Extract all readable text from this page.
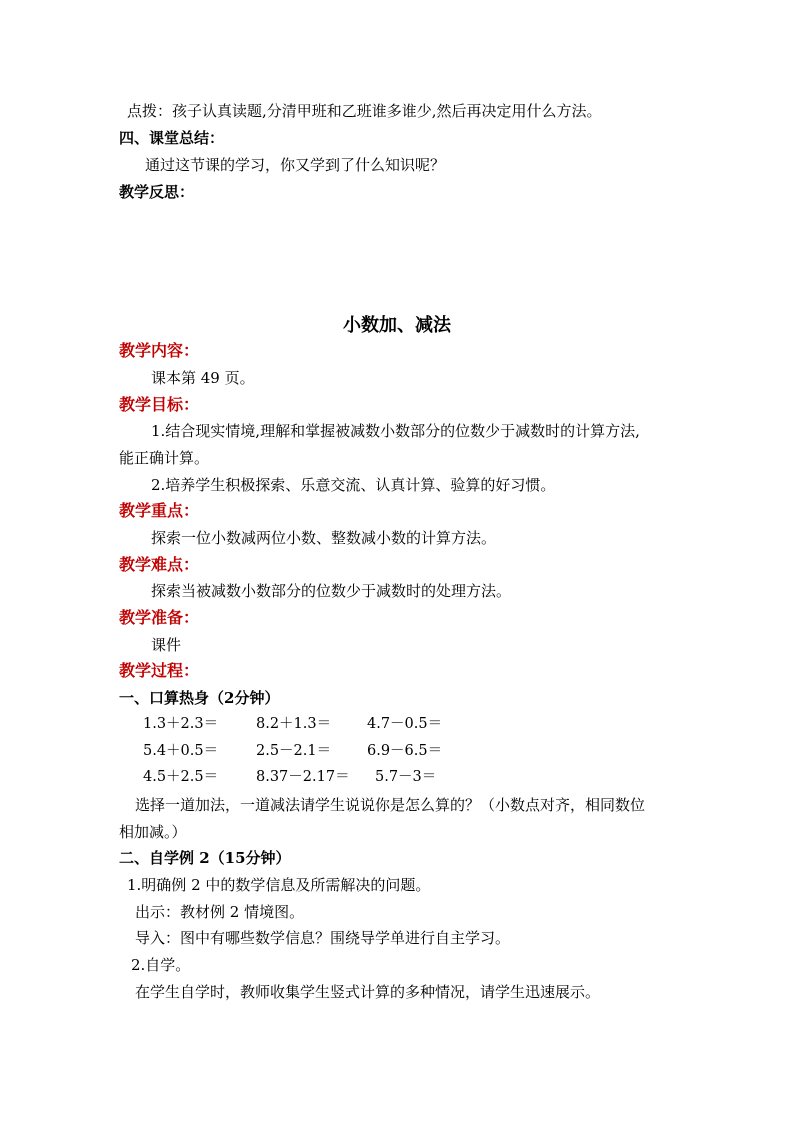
点拨：孩子认真读题,分清甲班和乙班谁多谁少,然后再决定用什么方法。
四、课堂总结：
通过这节课的学习，你又学到了什么知识呢？
教学反思：
小数加、减法
教学内容：
课本第 49 页。
教学目标：
1.结合现实情境,理解和掌握被减数小数部分的位数少于减数时的计算方法,
能正确计算。
2.培养学生积极探索、乐意交流、认真计算、验算的好习惯。
教学重点：
探索一位小数减两位小数、整数减小数的计算方法。
教学难点：
探索当被减数小数部分的位数少于减数时的处理方法。
教学准备：
课件
教学过程：
一、口算热身（2分钟）
1.3＋2.3＝	8.2＋1.3＝ 4.7－0.5＝
5.4＋0.5＝	2.5－2.1＝ 6.9－6.5＝
4.5＋2.5＝	8.37－2.17＝ 5.7－3＝
选择一道加法，一道减法请学生说说你是怎么算的？（小数点对齐，相同数位
相加减。）
二、自学例 2（15分钟）
1.明确例 2 中的数学信息及所需解决的问题。
出示：教材例 2 情境图。
导入：图中有哪些数学信息？围绕导学单进行自主学习。
2.自学。
在学生自学时，教师收集学生竖式计算的多种情况，请学生迅速展示。
